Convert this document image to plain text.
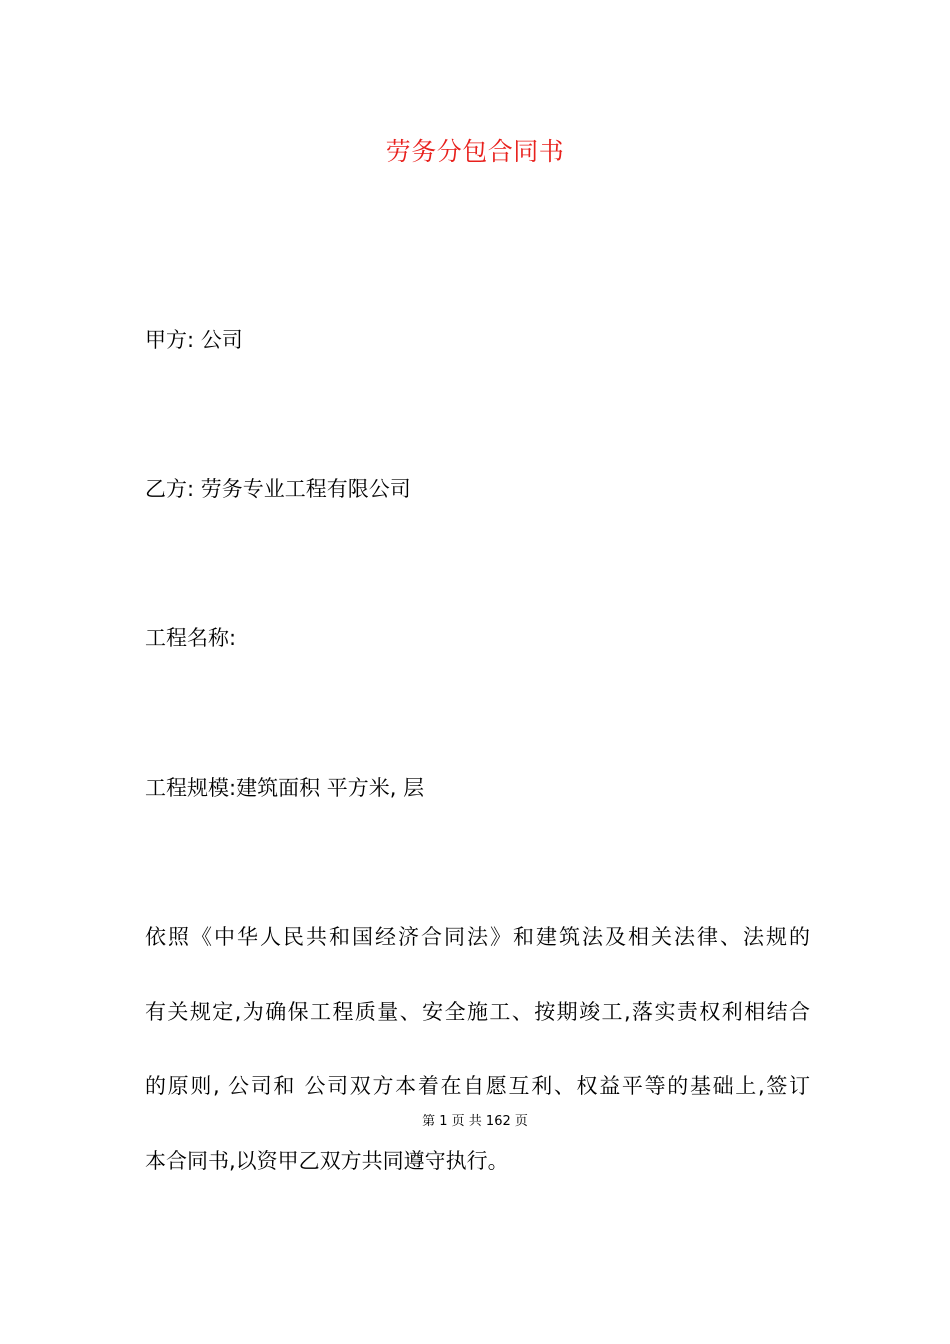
劳务分包合同书
甲方: 公司
乙方: 劳务专业工程有限公司
工程名称:
工程规模:建筑面积 平方米, 层
依照《中华人民共和国经济合同法》和建筑法及相关法律、法规的
有关规定,为确保工程质量、安全施工、按期竣工,落实责权利相结合
的原则, 公司和 公司双方本着在自愿互利、权益平等的基础上,签订
第 1 页 共 162 页
本合同书,以资甲乙双方共同遵守执行。
